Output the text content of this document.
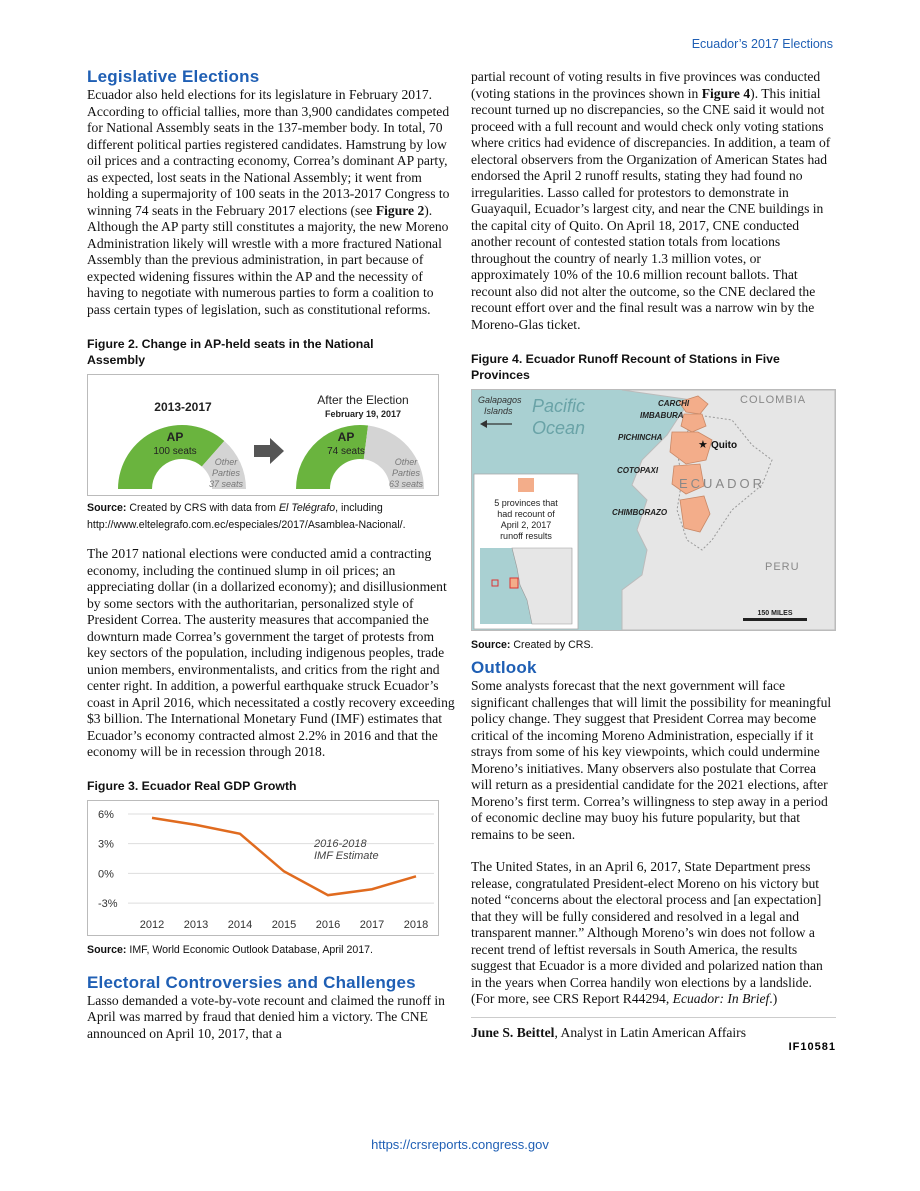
Ecuador’s 2017 Elections
Legislative Elections

Ecuador also held elections for its legislature in February 2017. According to official tallies, more than 3,900 candidates competed for National Assembly seats in the 137-member body. In total, 70 different political parties registered candidates. Hamstrung by low oil prices and a contracting economy, Correa’s dominant AP party, as expected, lost seats in the National Assembly; it went from holding a supermajority of 100 seats in the 2013-2017 Congress to winning 74 seats in the February 2017 elections (see Figure 2). Although the AP party still constitutes a majority, the new Moreno Administration likely will wrestle with a more fractured National Assembly than the previous administration, in part because of expected widening fissures within the AP and the necessity of having to negotiate with numerous parties to form a coalition to pass certain types of legislation, such as constitutional reforms.

Figure 2. Change in AP-held seats in the National Assembly

2013-2017	After the Election
February 19, 2017
AP
100 seats
Other
Parties
37 seats
AP
74 seats
Other
Parties
63 seats

Source: Created by CRS with data from El Telégrafo, including http://www.eltelegrafo.com.ec/especiales/2017/Asamblea-Nacional/.

The 2017 national elections were conducted amid a contracting economy, including the continued slump in oil prices; an appreciating dollar (in a dollarized economy); and disillusionment by some sectors with the authoritarian, personalized style of President Correa. The austerity measures that accompanied the downturn made Correa’s government the target of protests from key sectors of the population, including indigenous peoples, trade union members, environmentalists, and critics from the right and center right. In addition, a powerful earthquake struck Ecuador’s coast in April 2016, which necessitated a costly recovery exceeding $3 billion. The International Monetary Fund (IMF) estimates that Ecuador’s economy contracted almost 2.2% in 2016 and that the economy will be in recession through 2018.

Figure 3. Ecuador Real GDP Growth

6%
3%
0%
-3%
2012 2013 2014 2015 2016 2017 2018
2016-2018
IMF Estimate

Source: IMF, World Economic Outlook Database, April 2017.

Electoral Controversies and Challenges

Lasso demanded a vote-by-vote recount and claimed the runoff in April was marred by fraud that denied him a victory. The CNE announced on April 10, 2017, that a

partial recount of voting results in five provinces was conducted (voting stations in the provinces shown in Figure 4). This initial recount turned up no discrepancies, so the CNE said it would not proceed with a full recount and would check only voting stations where critics had evidence of discrepancies. In addition, a team of electoral observers from the Organization of American States had endorsed the April 2 runoff results, stating they had found no irregularities. Lasso called for protestors to demonstrate in Guayaquil, Ecuador’s largest city, and near the CNE buildings in the capital city of Quito. On April 18, 2017, CNE conducted another recount of contested station totals from locations throughout the country of nearly 1.3 million votes, or approximately 10% of the 10.6 million recount ballots. That recount also did not alter the outcome, so the CNE declared the recount effort over and the final result was a narrow win by the Moreno-Glas ticket.

Figure 4. Ecuador Runoff Recount of Stations in Five Provinces

Galapagos
Islands Pacific
Ocean
COLOMBIA
ECUADOR
PERU
CARCHI
IMBABURA
PICHINCHA
COTOPAXI
CHIMBORAZO
★ Quito
5 provinces that
had recount of
April 2, 2017
runoff results
150 MILES

Source: Created by CRS.

Outlook

Some analysts forecast that the next government will face significant challenges that will limit the possibility for meaningful policy change. They suggest that President Correa may become critical of the incoming Moreno Administration, especially if it strays from some of his key viewpoints, which could undermine Moreno’s initiatives. Many observers also postulate that Correa will return as a presidential candidate for the 2021 elections, after Moreno’s first term. Correa’s willingness to step away in a period of economic decline may buoy his future popularity, but that remains to be seen.

The United States, in an April 6, 2017, State Department press release, congratulated President-elect Moreno on his victory but noted “concerns about the electoral process and [an expectation] that they will be fully considered and resolved in a legal and transparent manner.” Although Moreno’s win does not follow a recent trend of leftist reversals in South America, the results suggest that Ecuador is a more divided and polarized nation than in the years when Correa handily won elections by a landslide. (For more, see CRS Report R44294, Ecuador: In Brief.)

June S. Beittel, Analyst in Latin American Affairs

IF10581

https://crsreports.congress.gov
